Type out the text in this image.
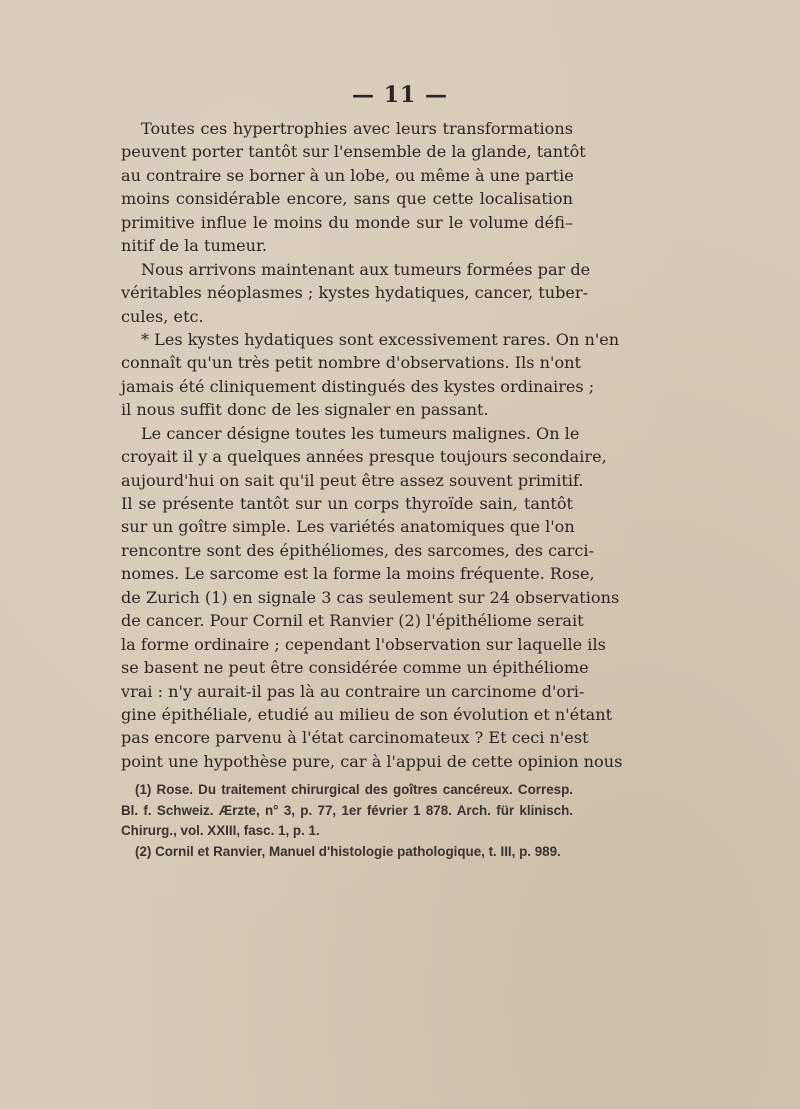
— 11 —
Toutes ces hypertrophies avec leurs transformations
peuvent porter tantôt sur l'ensemble de la glande, tantôt
au contraire se borner à un lobe, ou même à une partie
moins considérable encore, sans que cette localisation
primitive influe le moins du monde sur le volume défi–
nitif de la tumeur.
Nous arrivons maintenant aux tumeurs formées par de
véritables néoplasmes ; kystes hydatiques, cancer, tuber-
cules, etc.
* Les kystes hydatiques sont excessivement rares. On n'en
connaît qu'un très petit nombre d'observations. Ils n'ont
jamais été cliniquement distingués des kystes ordinaires ;
il nous suffit donc de les signaler en passant.
Le cancer désigne toutes les tumeurs malignes. On le
croyait il y a quelques années presque toujours secondaire,
aujourd'hui on sait qu'il peut être assez souvent primitif.
Il se présente tantôt sur un corps thyroïde sain, tantôt
sur un goître simple. Les variétés anatomiques que l'on
rencontre sont des épithéliomes, des sarcomes, des carci-
nomes. Le sarcome est la forme la moins fréquente. Rose,
de Zurich (1) en signale 3 cas seulement sur 24 observations
de cancer. Pour Cornil et Ranvier (2) l'épithéliome serait
la forme ordinaire ; cependant l'observation sur laquelle ils
se basent ne peut être considérée comme un épithéliome
vrai : n'y aurait-il pas là au contraire un carcinome d'ori-
gine épithéliale, etudié au milieu de son évolution et n'étant
pas encore parvenu à l'état carcinomateux ? Et ceci n'est
point une hypothèse pure, car à l'appui de cette opinion nous
(1) Rose. Du traitement chirurgical des goîtres cancéreux. Corresp.
Bl. f. Schweiz. Ærzte, n° 3, p. 77, 1er février 1 878. Arch. für klinisch.
Chirurg., vol. XXIII, fasc. 1, p. 1.
(2) Cornil et Ranvier, Manuel d'histologie pathologique, t. III, p. 989.
